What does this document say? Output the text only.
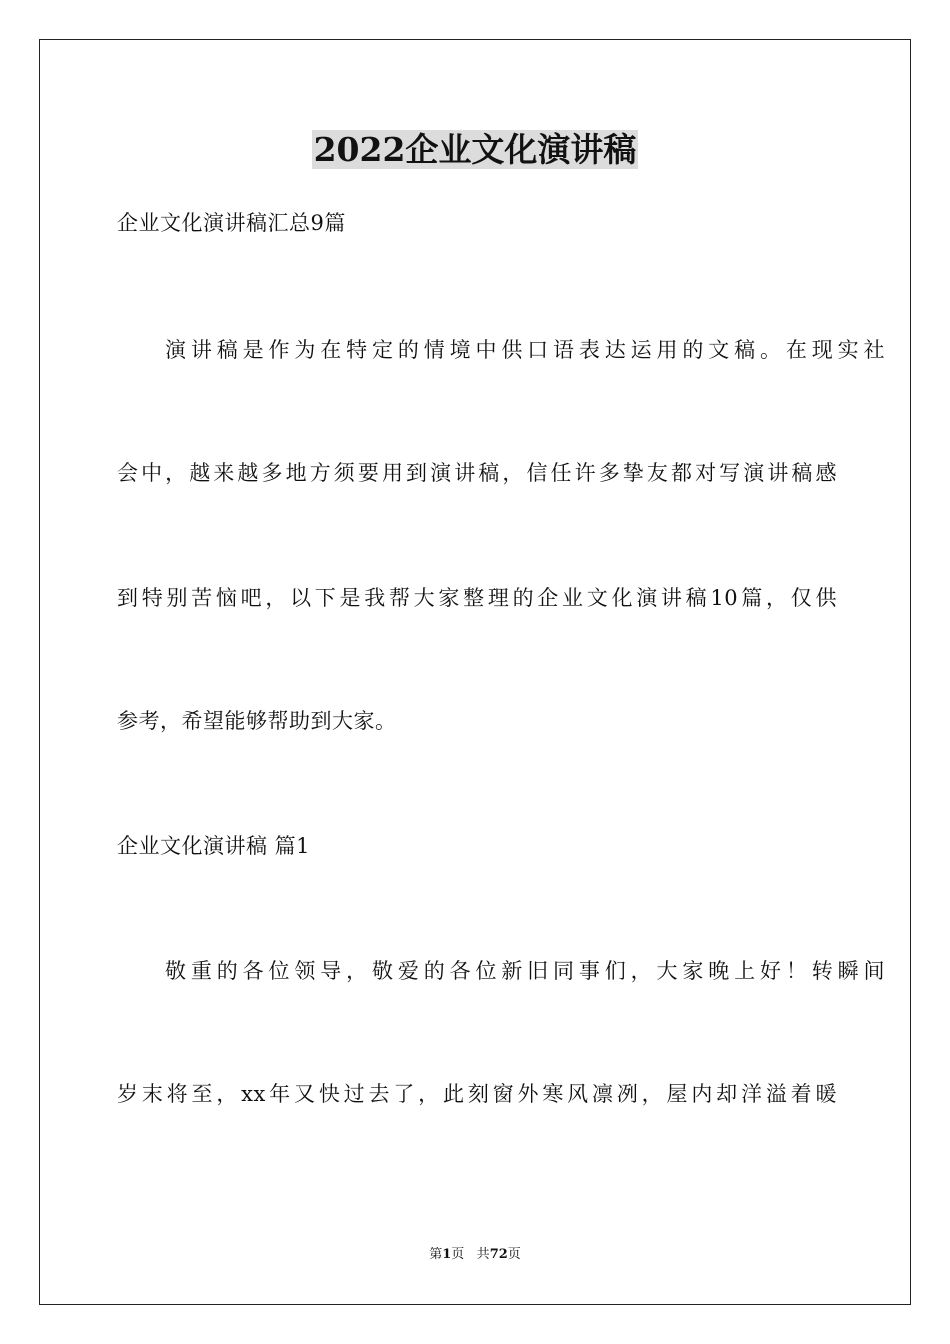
2022企业文化演讲稿

企业文化演讲稿汇总9篇

演讲稿是作为在特定的情境中供口语表达运用的文稿。在现实社

会中，越来越多地方须要用到演讲稿，信任许多挚友都对写演讲稿感

到特别苦恼吧，以下是我帮大家整理的企业文化演讲稿10篇，仅供

参考，希望能够帮助到大家。

企业文化演讲稿 篇1

敬重的各位领导，敬爱的各位新旧同事们，大家晚上好！转瞬间

岁末将至，xx年又快过去了，此刻窗外寒风凛冽，屋内却洋溢着暖

第1页 共72页
